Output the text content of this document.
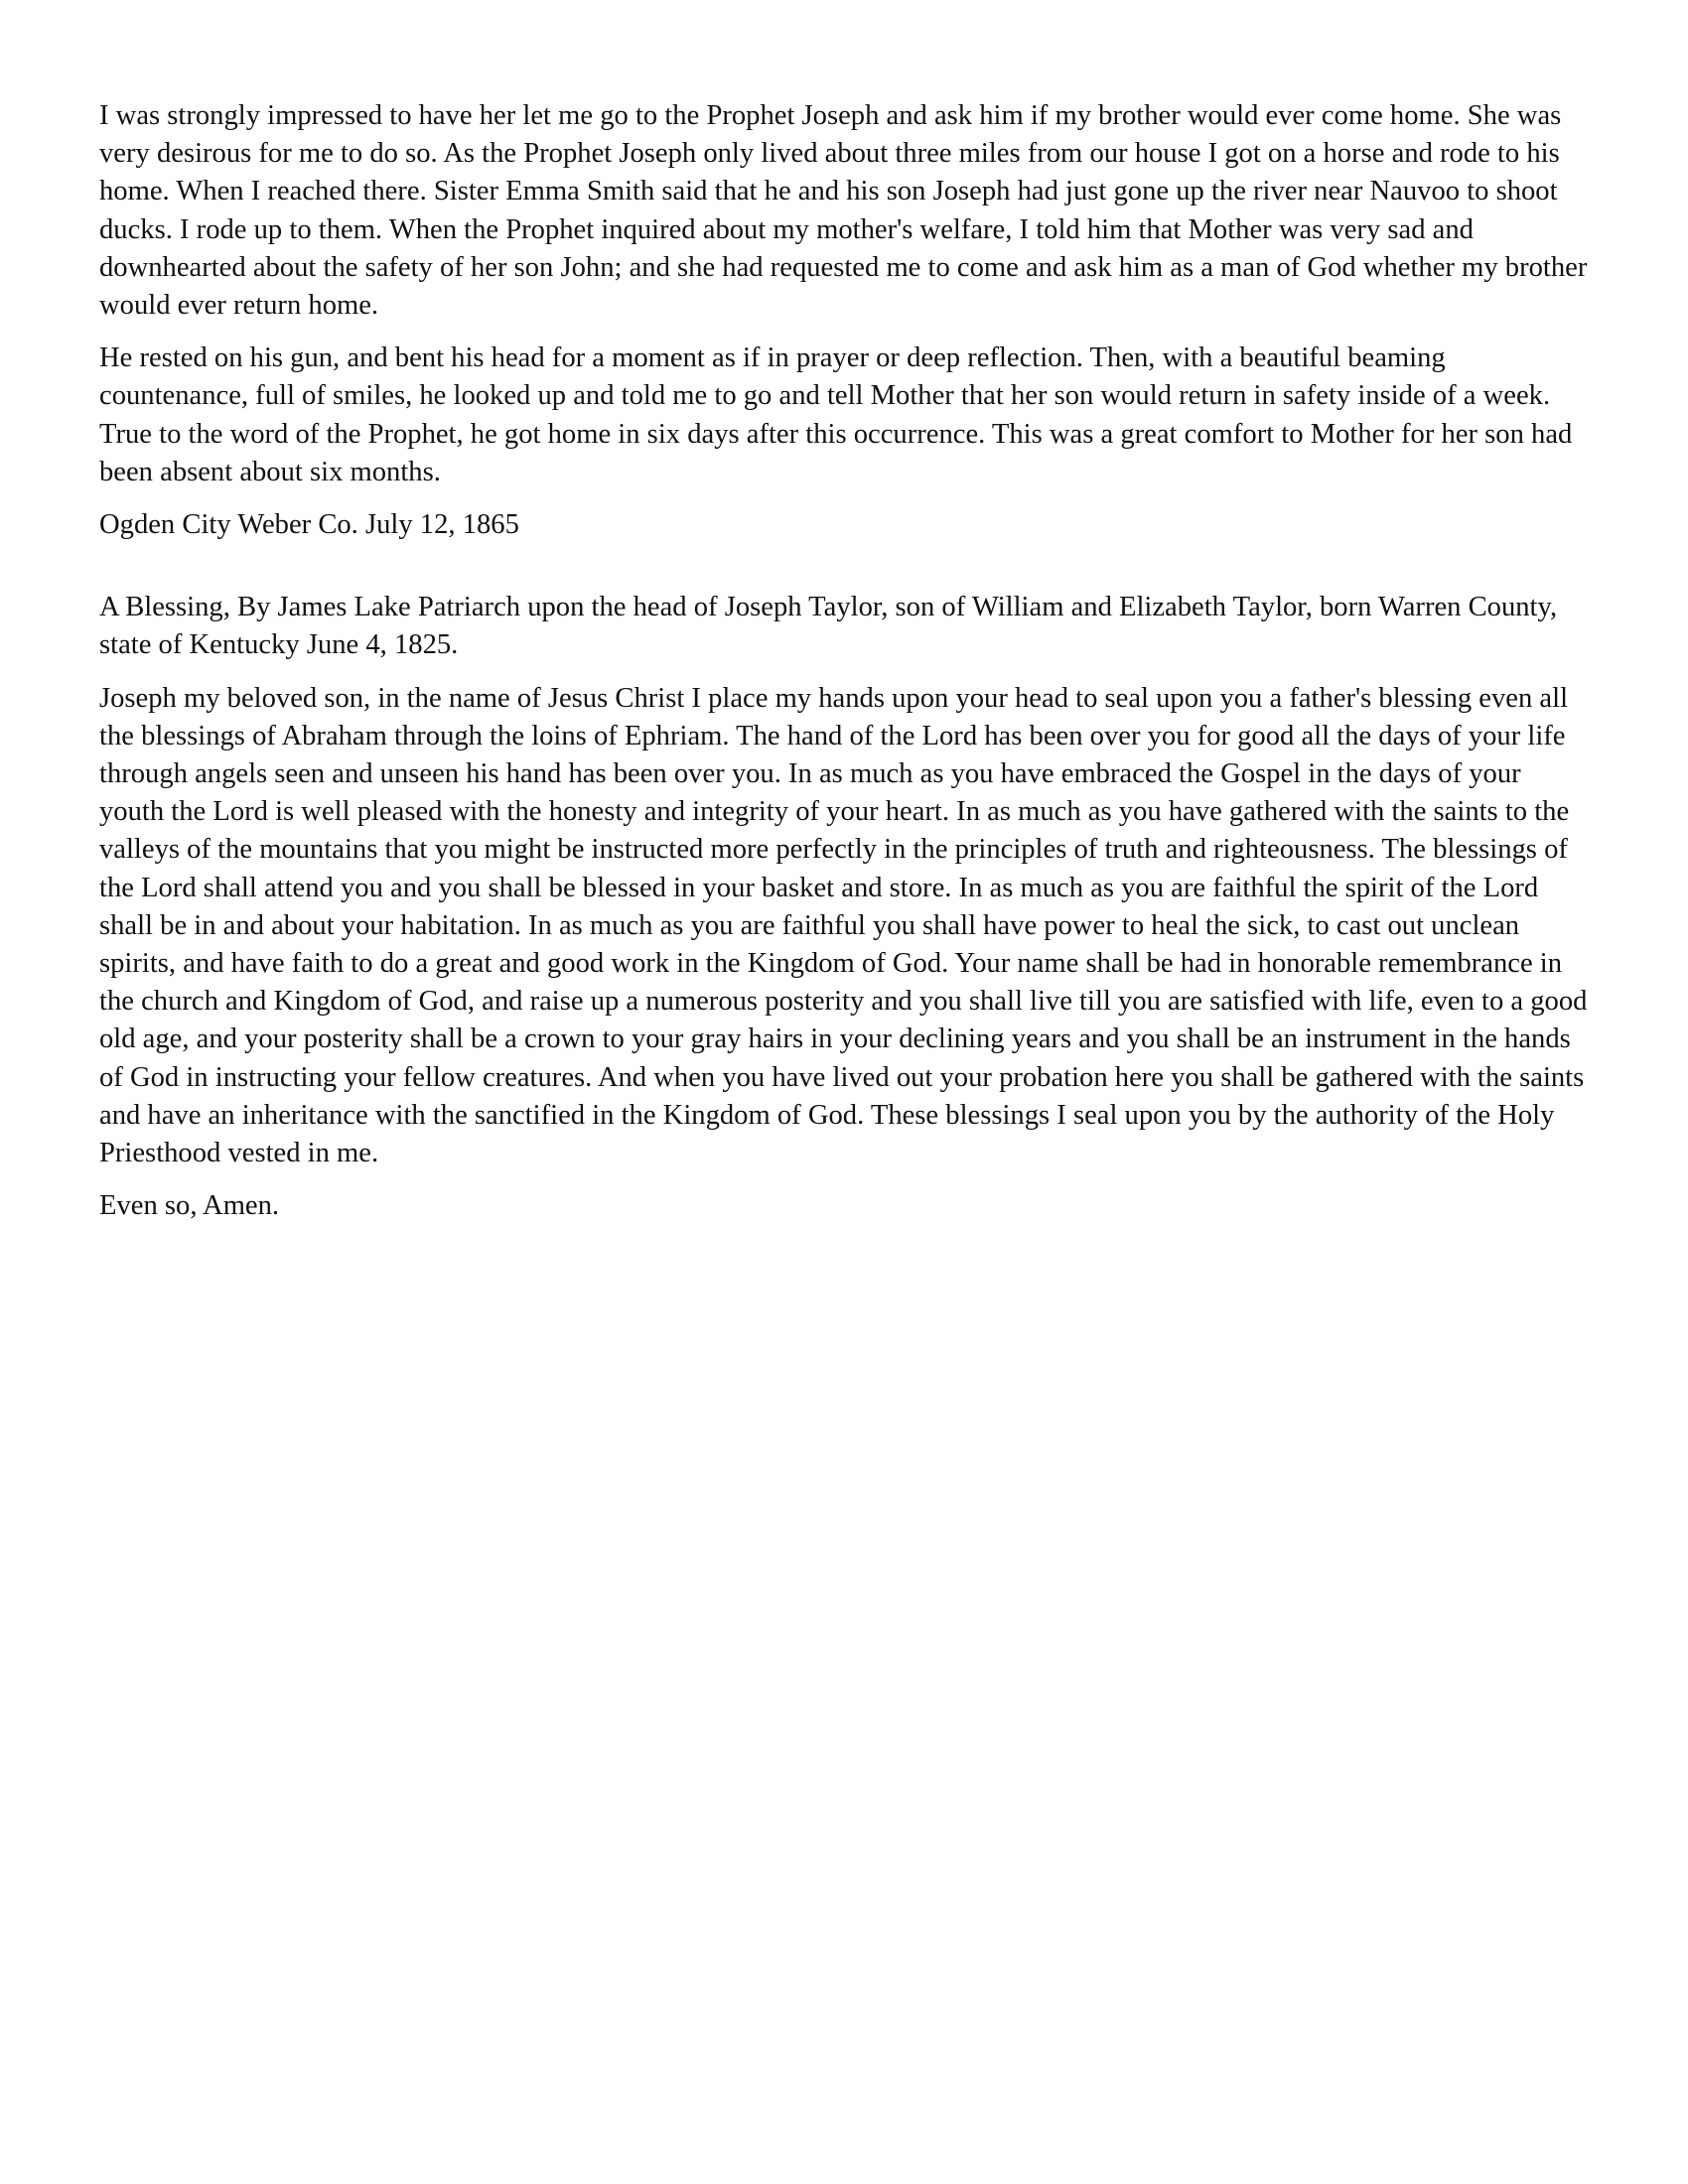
I was strongly impressed to have her let me go to the Prophet Joseph and ask him if my brother would ever come home. She was very desirous for me to do so. As the Prophet Joseph only lived about three miles from our house I got on a horse and rode to his home. When I reached there. Sister Emma Smith said that he and his son Joseph had just gone up the river near Nauvoo to shoot ducks. I rode up to them. When the Prophet inquired about my mother's welfare, I told him that Mother was very sad and downhearted about the safety of her son John; and she had requested me to come and ask him as a man of God whether my brother would ever return home.

He rested on his gun, and bent his head for a moment as if in prayer or deep reflection. Then, with a beautiful beaming countenance, full of smiles, he looked up and told me to go and tell Mother that her son would return in safety inside of a week. True to the word of the Prophet, he got home in six days after this occurrence. This was a great comfort to Mother for her son had been absent about six months.

Ogden City Weber Co. July 12, 1865

A Blessing, By James Lake Patriarch upon the head of Joseph Taylor, son of William and Elizabeth Taylor, born Warren County, state of Kentucky June 4, 1825.

Joseph my beloved son, in the name of Jesus Christ I place my hands upon your head to seal upon you a father's blessing even all the blessings of Abraham through the loins of Ephriam. The hand of the Lord has been over you for good all the days of your life through angels seen and unseen his hand has been over you. In as much as you have embraced the Gospel in the days of your youth the Lord is well pleased with the honesty and integrity of your heart. In as much as you have gathered with the saints to the valleys of the mountains that you might be instructed more perfectly in the principles of truth and righteousness. The blessings of the Lord shall attend you and you shall be blessed in your basket and store. In as much as you are faithful the spirit of the Lord shall be in and about your habitation. In as much as you are faithful you shall have power to heal the sick, to cast out unclean spirits, and have faith to do a great and good work in the Kingdom of God. Your name shall be had in honorable remembrance in the church and Kingdom of God, and raise up a numerous posterity and you shall live till you are satisfied with life, even to a good old age, and your posterity shall be a crown to your gray hairs in your declining years and you shall be an instrument in the hands of God in instructing your fellow creatures. And when you have lived out your probation here you shall be gathered with the saints and have an inheritance with the sanctified in the Kingdom of God. These blessings I seal upon you by the authority of the Holy Priesthood vested in me.

Even so, Amen.
